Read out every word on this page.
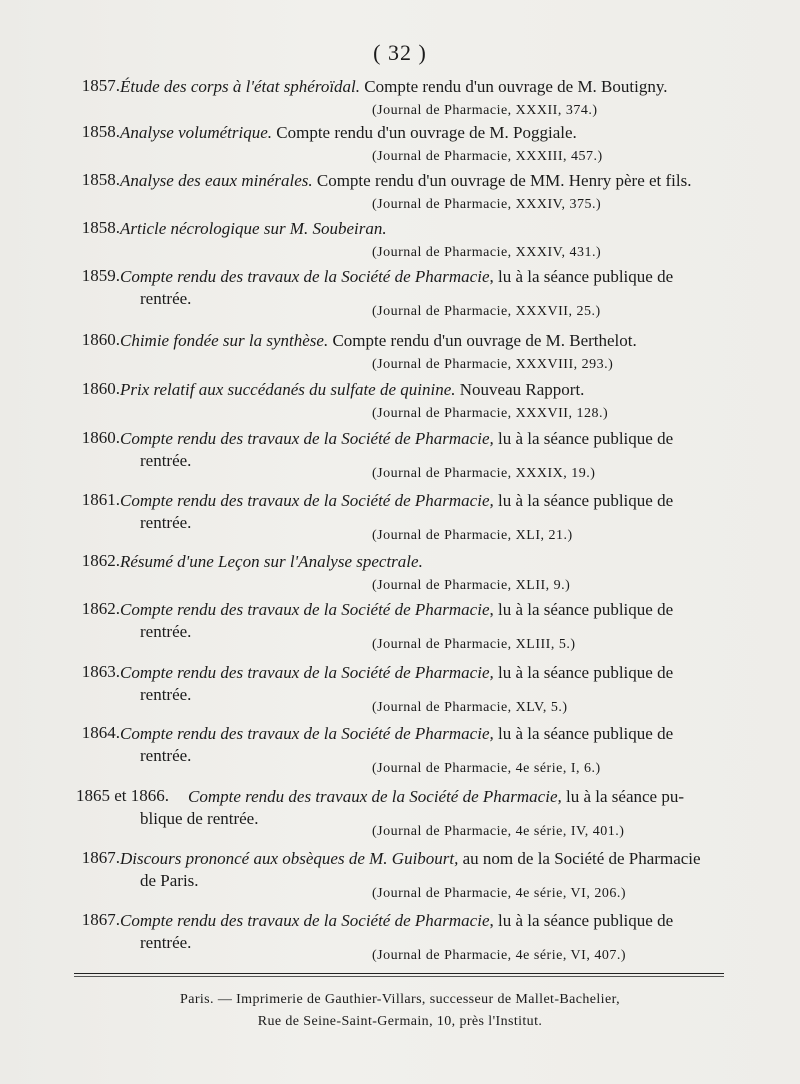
( 32 )
1857. Étude des corps à l'état sphéroïdal. Compte rendu d'un ouvrage de M. Boutigny.
(Journal de Pharmacie, XXXII, 374.)
1858. Analyse volumétrique. Compte rendu d'un ouvrage de M. Poggiale.
(Journal de Pharmacie, XXXIII, 457.)
1858. Analyse des eaux minérales. Compte rendu d'un ouvrage de MM. Henry père et fils.
(Journal de Pharmacie, XXXIV, 375.)
1858. Article nécrologique sur M. Soubeiran.
(Journal de Pharmacie, XXXIV, 431.)
1859. Compte rendu des travaux de la Société de Pharmacie, lu à la séance publique de
rentrée.
(Journal de Pharmacie, XXXVII, 25.)
1860. Chimie fondée sur la synthèse. Compte rendu d'un ouvrage de M. Berthelot.
(Journal de Pharmacie, XXXVIII, 293.)
1860. Prix relatif aux succédanés du sulfate de quinine. Nouveau Rapport.
(Journal de Pharmacie, XXXVII, 128.)
1860. Compte rendu des travaux de la Société de Pharmacie, lu à la séance publique de
rentrée.
(Journal de Pharmacie, XXXIX, 19.)
1861. Compte rendu des travaux de la Société de Pharmacie, lu à la séance publique de
rentrée.
(Journal de Pharmacie, XLI, 21.)
1862. Résumé d'une Leçon sur l'Analyse spectrale.
(Journal de Pharmacie, XLII, 9.)
1862. Compte rendu des travaux de la Société de Pharmacie, lu à la séance publique de
rentrée.
(Journal de Pharmacie, XLIII, 5.)
1863. Compte rendu des travaux de la Société de Pharmacie, lu à la séance publique de
rentrée.
(Journal de Pharmacie, XLV, 5.)
1864. Compte rendu des travaux de la Société de Pharmacie, lu à la séance publique de
rentrée.
(Journal de Pharmacie, 4e série, I, 6.)
1865 et 1866. Compte rendu des travaux de la Société de Pharmacie, lu à la séance pu-
blique de rentrée.
(Journal de Pharmacie, 4e série, IV, 401.)
1867. Discours prononcé aux obsèques de M. Guibourt, au nom de la Société de Pharmacie
de Paris.
(Journal de Pharmacie, 4e série, VI, 206.)
1867. Compte rendu des travaux de la Société de Pharmacie, lu à la séance publique de
rentrée.
(Journal de Pharmacie, 4e série, VI, 407.)
Paris. — Imprimerie de Gauthier-Villars, successeur de Mallet-Bachelier,
Rue de Seine-Saint-Germain, 10, près l'Institut.
